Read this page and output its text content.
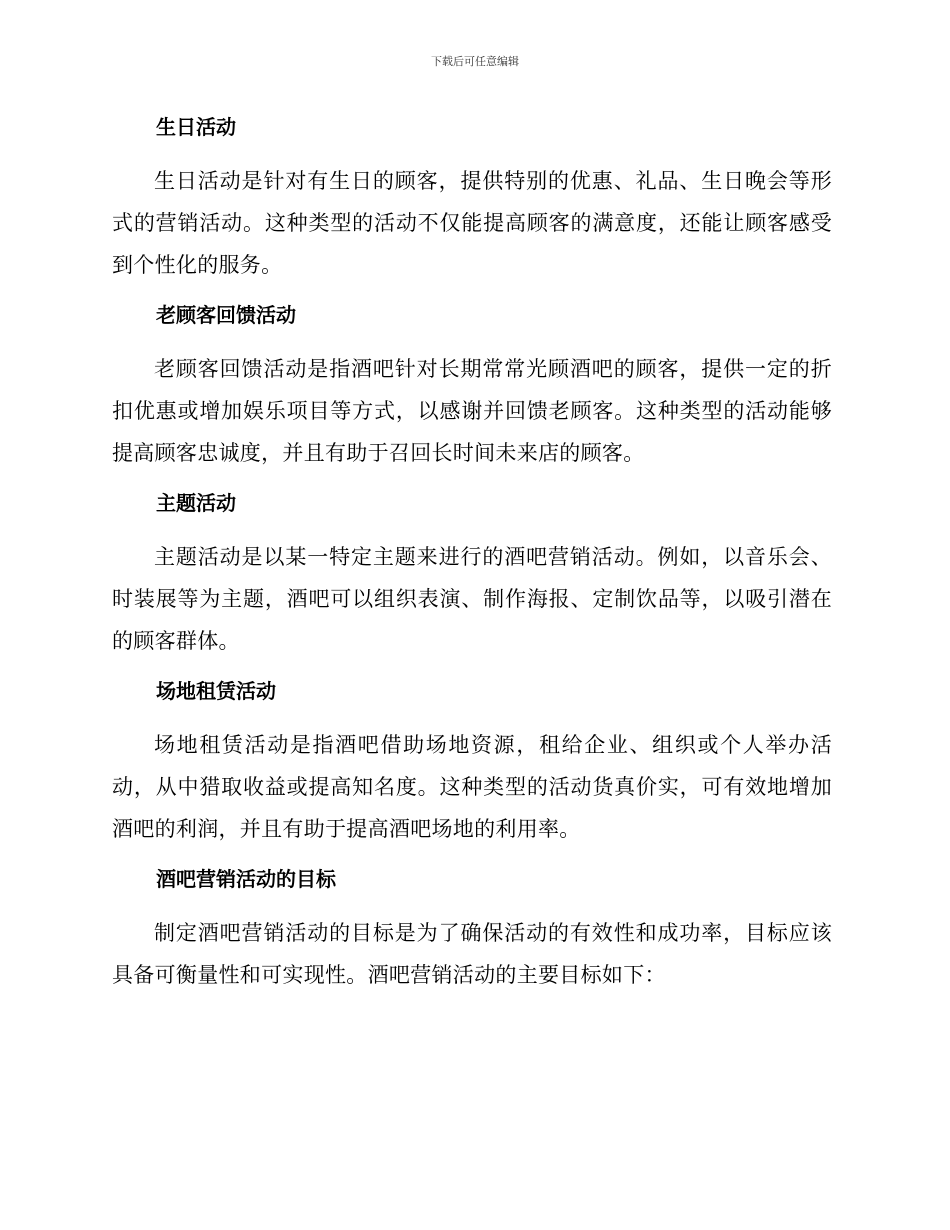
下载后可任意编辑
生日活动

生日活动是针对有生日的顾客，提供特别的优惠、礼品、生日晚会等形式的营销活动。这种类型的活动不仅能提高顾客的满意度，还能让顾客感受到个性化的服务。

老顾客回馈活动

老顾客回馈活动是指酒吧针对长期常常光顾酒吧的顾客，提供一定的折扣优惠或增加娱乐项目等方式，以感谢并回馈老顾客。这种类型的活动能够提高顾客忠诚度，并且有助于召回长时间未来店的顾客。

主题活动

主题活动是以某一特定主题来进行的酒吧营销活动。例如，以音乐会、时装展等为主题，酒吧可以组织表演、制作海报、定制饮品等，以吸引潜在的顾客群体。

场地租赁活动

场地租赁活动是指酒吧借助场地资源，租给企业、组织或个人举办活动，从中猎取收益或提高知名度。这种类型的活动货真价实，可有效地增加酒吧的利润，并且有助于提高酒吧场地的利用率。

酒吧营销活动的目标

制定酒吧营销活动的目标是为了确保活动的有效性和成功率，目标应该具备可衡量性和可实现性。酒吧营销活动的主要目标如下：
